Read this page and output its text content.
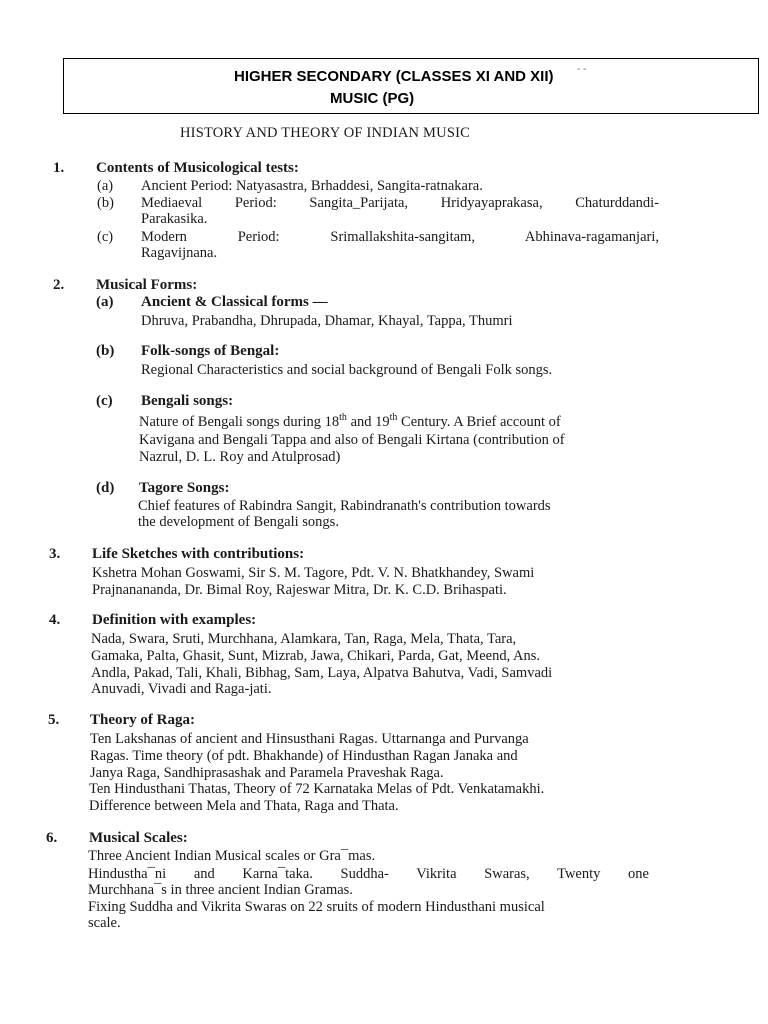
HIGHER SECONDARY (CLASSES XI AND XII)
MUSIC (PG)
- -
HISTORY AND THEORY OF INDIAN MUSIC
1. Contents of Musicological tests:
(a) Ancient Period: Natyasastra, Brhaddesi, Sangita-ratnakara.
(b) Mediaeval Period: Sangita_Parijata, Hridyayaprakasa, Chaturddandi-
Parakasika.
(c) Modern Period: Srimallakshita-sangitam, Abhinava-ragamanjari,
Ragavijnana.
2. Musical Forms:
(a) Ancient & Classical forms —
Dhruva, Prabandha, Dhrupada, Dhamar, Khayal, Tappa, Thumri
(b) Folk-songs of Bengal:
Regional Characteristics and social background of Bengali Folk songs.
(c) Bengali songs:
Nature of Bengali songs during 18th and 19th Century. A Brief account of
Kavigana and Bengali Tappa and also of Bengali Kirtana (contribution of
Nazrul, D. L. Roy and Atulprosad)
(d) Tagore Songs:
Chief features of Rabindra Sangit, Rabindranath's contribution towards
the development of Bengali songs.
3. Life Sketches with contributions:
Kshetra Mohan Goswami, Sir S. M. Tagore, Pdt. V. N. Bhatkhandey, Swami
Prajnanananda, Dr. Bimal Roy, Rajeswar Mitra, Dr. K. C.D. Brihaspati.
4. Definition with examples:
Nada, Swara, Sruti, Murchhana, Alamkara, Tan, Raga, Mela, Thata, Tara,
Gamaka, Palta, Ghasit, Sunt, Mizrab, Jawa, Chikari, Parda, Gat, Meend, Ans.
Andla, Pakad, Tali, Khali, Bibhag, Sam, Laya, Alpatva Bahutva, Vadi, Samvadi
Anuvadi, Vivadi and Raga-jati.
5. Theory of Raga:
Ten Lakshanas of ancient and Hinsusthani Ragas. Uttarnanga and Purvanga
Ragas. Time theory (of pdt. Bhakhande) of Hindusthan Ragan Janaka and
Janya Raga, Sandhiprasashak and Paramela Praveshak Raga.
Ten Hindusthani Thatas, Theory of 72 Karnataka Melas of Pdt. Venkatamakhi.
Difference between Mela and Thata, Raga and Thata.
6. Musical Scales:
Three Ancient Indian Musical scales or Gra¯mas.
Hindustha¯ni and Karna¯taka. Suddha- Vikrita Swaras, Twenty one
Murchhana¯s in three ancient Indian Gramas.
Fixing Suddha and Vikrita Swaras on 22 sruits of modern Hindusthani musical
scale.
